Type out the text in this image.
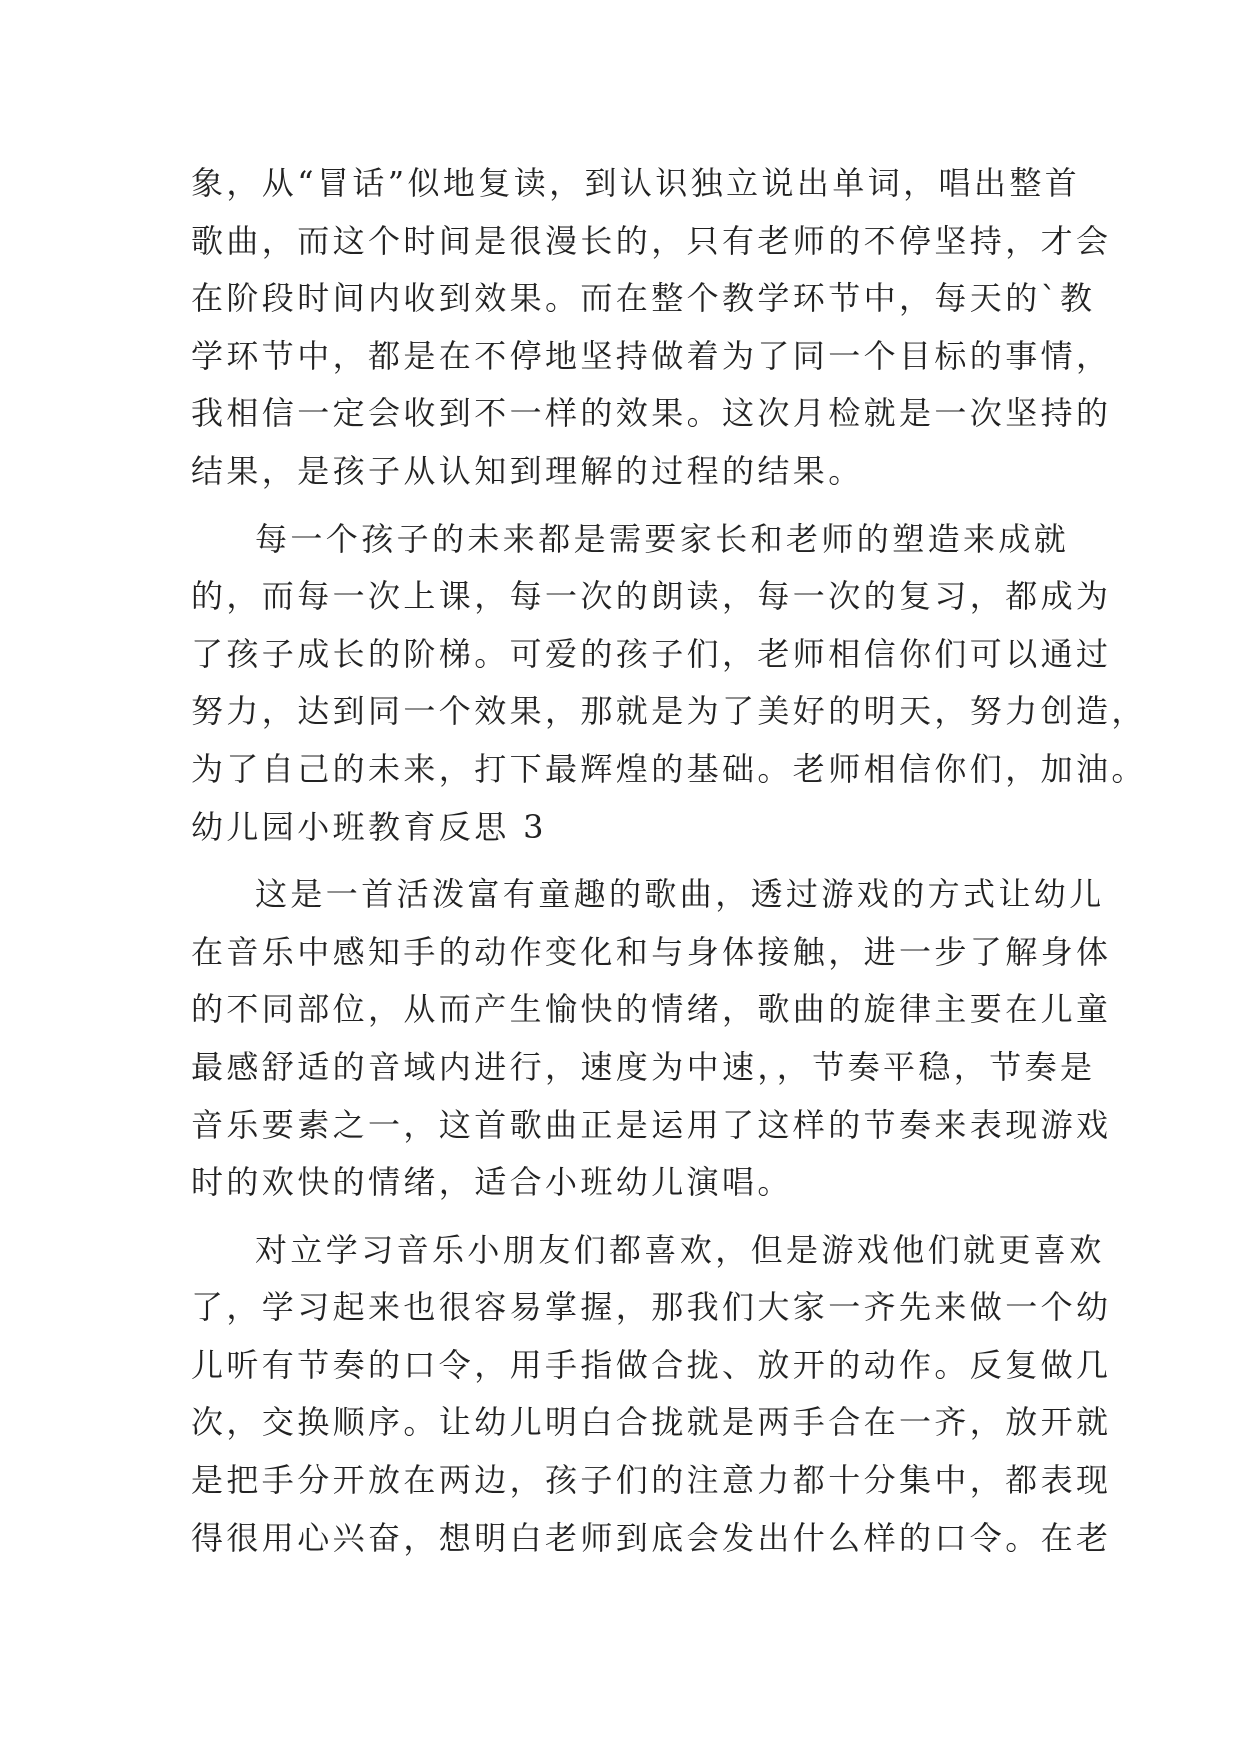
象，从“冒话”似地复读，到认识独立说出单词，唱出整首
歌曲，而这个时间是很漫长的，只有老师的不停坚持，才会
在阶段时间内收到效果。而在整个教学环节中，每天的`教
学环节中，都是在不停地坚持做着为了同一个目标的事情，
我相信一定会收到不一样的效果。这次月检就是一次坚持的
结果，是孩子从认知到理解的过程的结果。
每一个孩子的未来都是需要家长和老师的塑造来成就
的，而每一次上课，每一次的朗读，每一次的复习，都成为
了孩子成长的阶梯。可爱的孩子们，老师相信你们可以通过
努力，达到同一个效果，那就是为了美好的明天，努力创造，
为了自己的未来，打下最辉煌的基础。老师相信你们，加油。
幼儿园小班教育反思 3
这是一首活泼富有童趣的歌曲，透过游戏的方式让幼儿
在音乐中感知手的动作变化和与身体接触，进一步了解身体
的不同部位，从而产生愉快的情绪，歌曲的旋律主要在儿童
最感舒适的音域内进行，速度为中速，，节奏平稳，节奏是
音乐要素之一，这首歌曲正是运用了这样的节奏来表现游戏
时的欢快的情绪，适合小班幼儿演唱。
对立学习音乐小朋友们都喜欢，但是游戏他们就更喜欢
了，学习起来也很容易掌握，那我们大家一齐先来做一个幼
儿听有节奏的口令，用手指做合拢、放开的动作。反复做几
次，交换顺序。让幼儿明白合拢就是两手合在一齐，放开就
是把手分开放在两边，孩子们的注意力都十分集中，都表现
得很用心兴奋，想明白老师到底会发出什么样的口令。在老
